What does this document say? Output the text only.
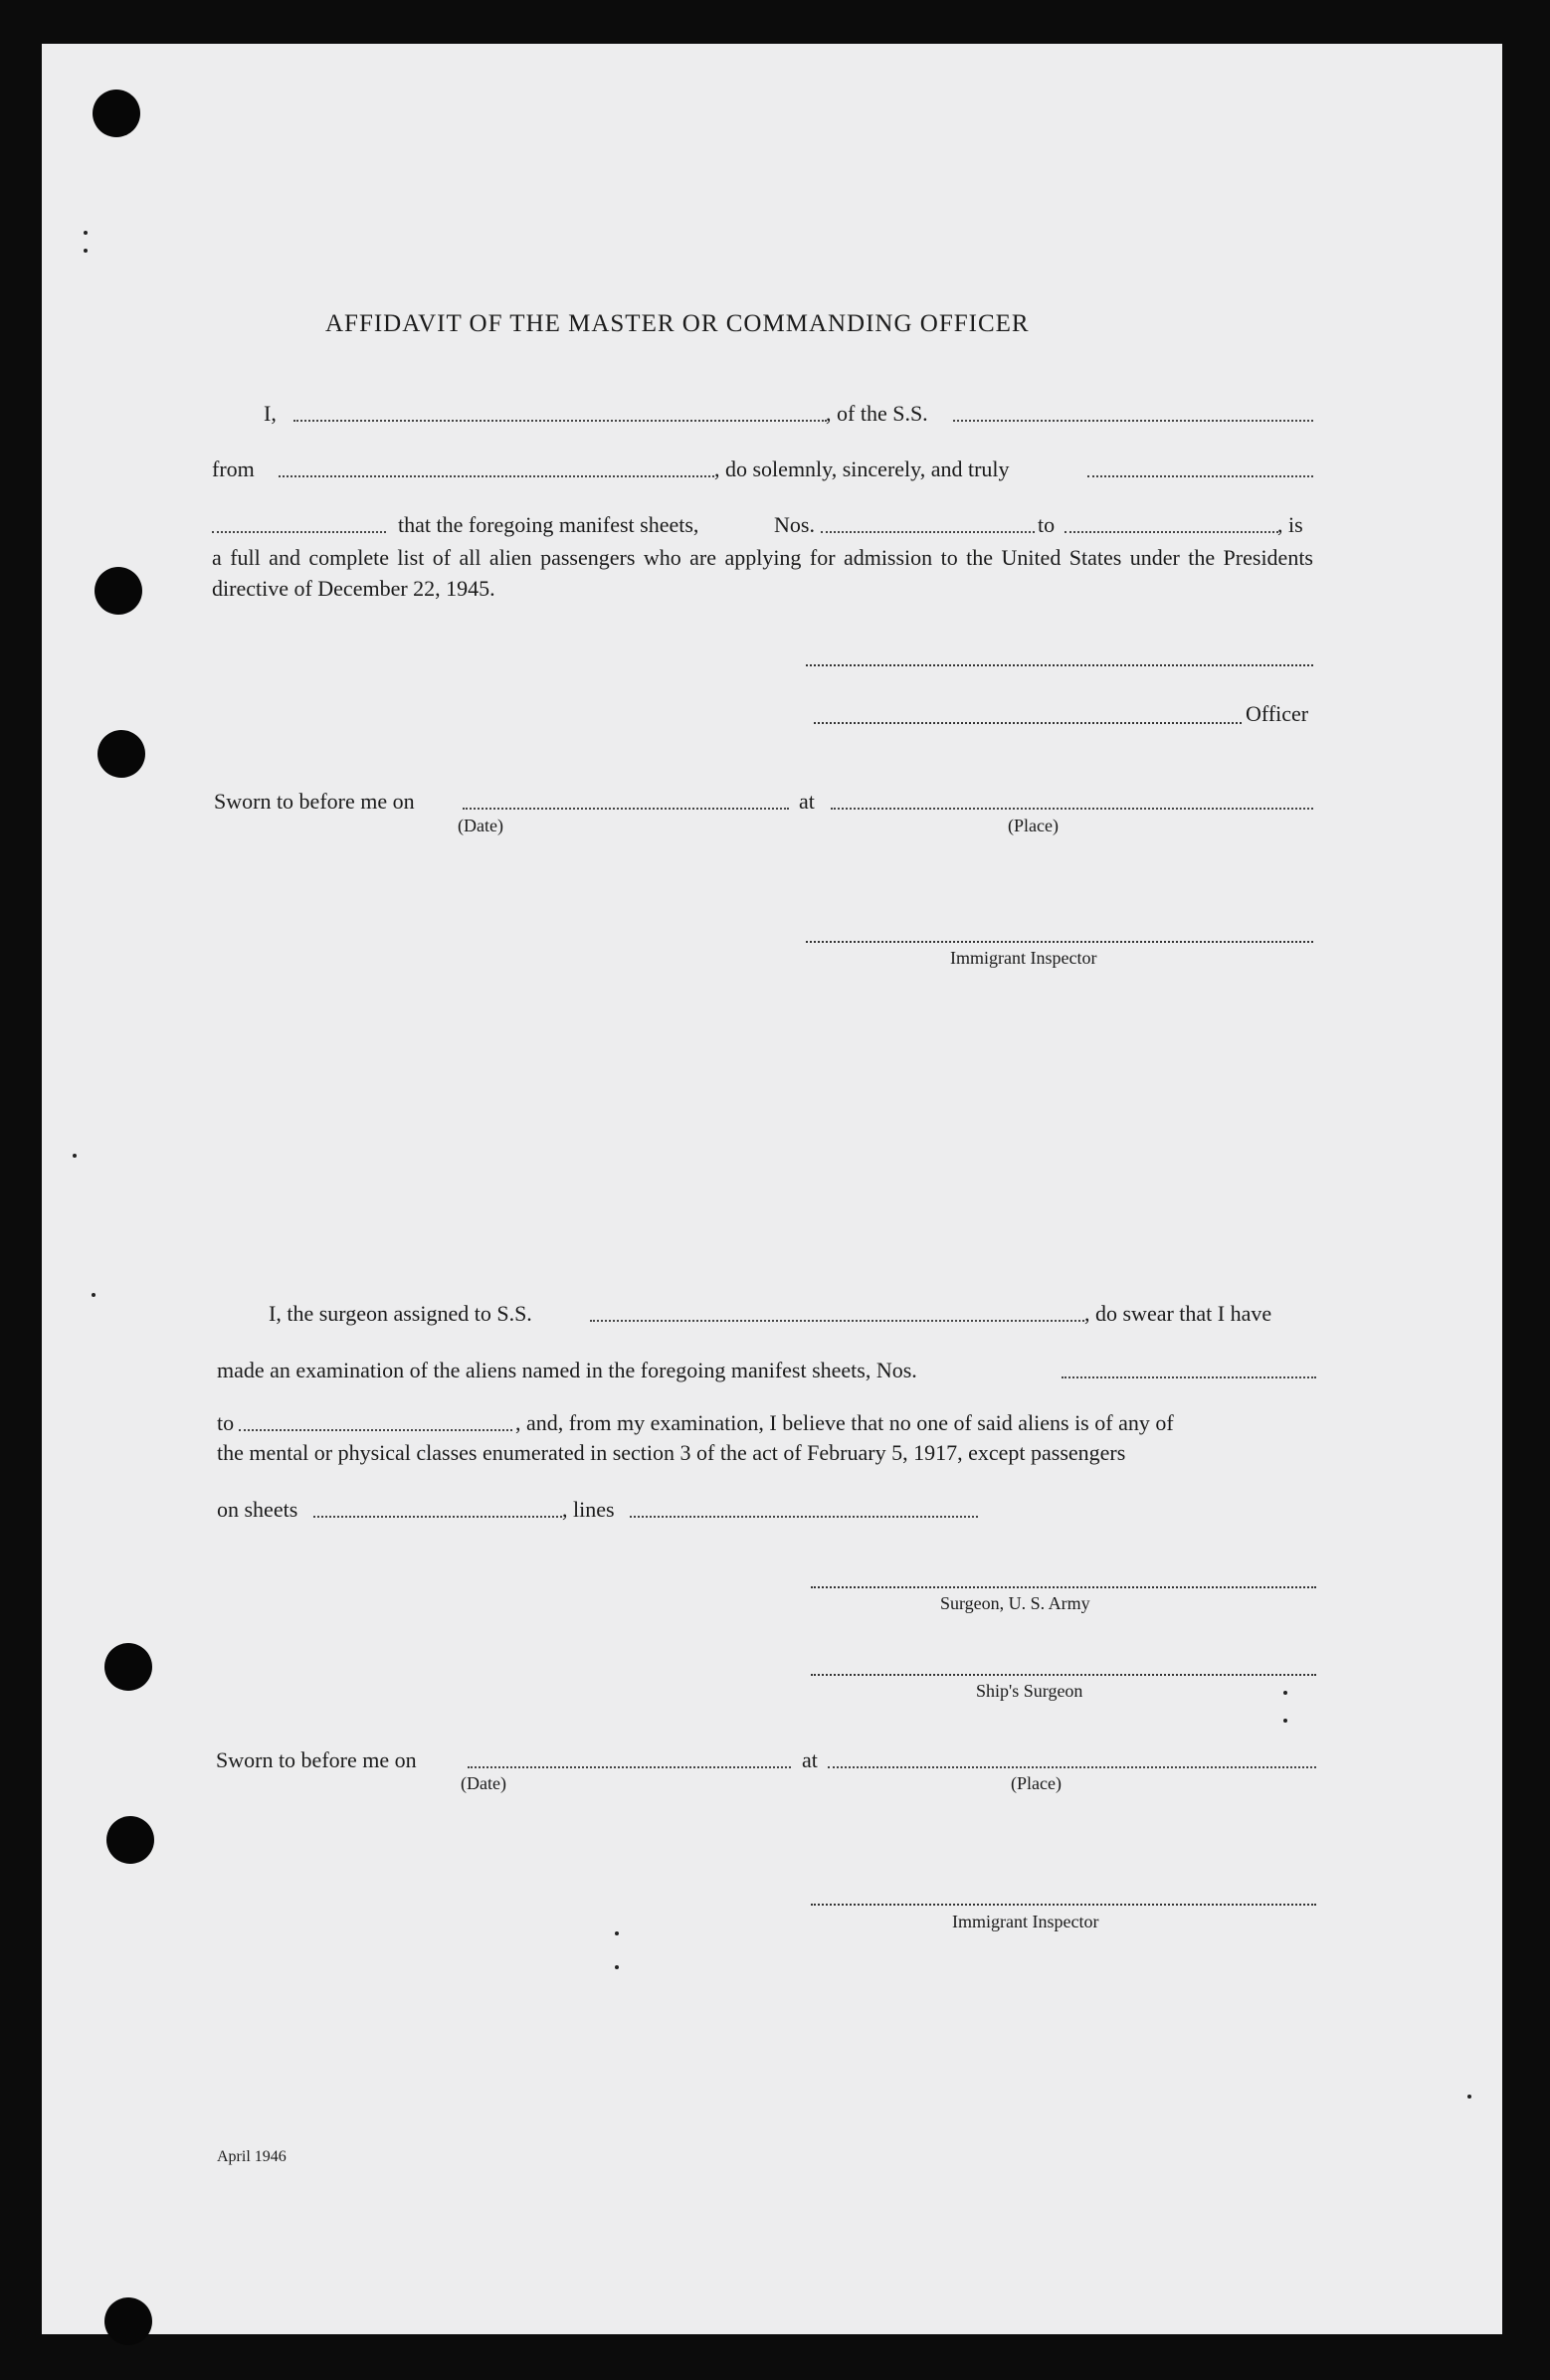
AFFIDAVIT OF THE MASTER OR COMMANDING OFFICER
I,	, of the S.S.
from	, do solemnly, sincerely, and truly
that the foregoing manifest sheets,	Nos.	to	, is
a full and complete list of all alien passengers who are applying for admission to the United States under the Presidents directive of December 22, 1945.
Officer
Sworn to before me on	at
(Date)	(Place)
Immigrant Inspector
I, the surgeon assigned to S.S.	, do swear that I have
made an examination of the aliens named in the foregoing manifest sheets, Nos.
to	, and, from my examination, I believe that no one of said aliens is of any of
the mental or physical classes enumerated in section 3 of the act of February 5, 1917, except passengers
on sheets	, lines
Surgeon, U. S. Army
Ship's Surgeon
Sworn to before me on	at
(Date)	(Place)
Immigrant Inspector
April 1946
